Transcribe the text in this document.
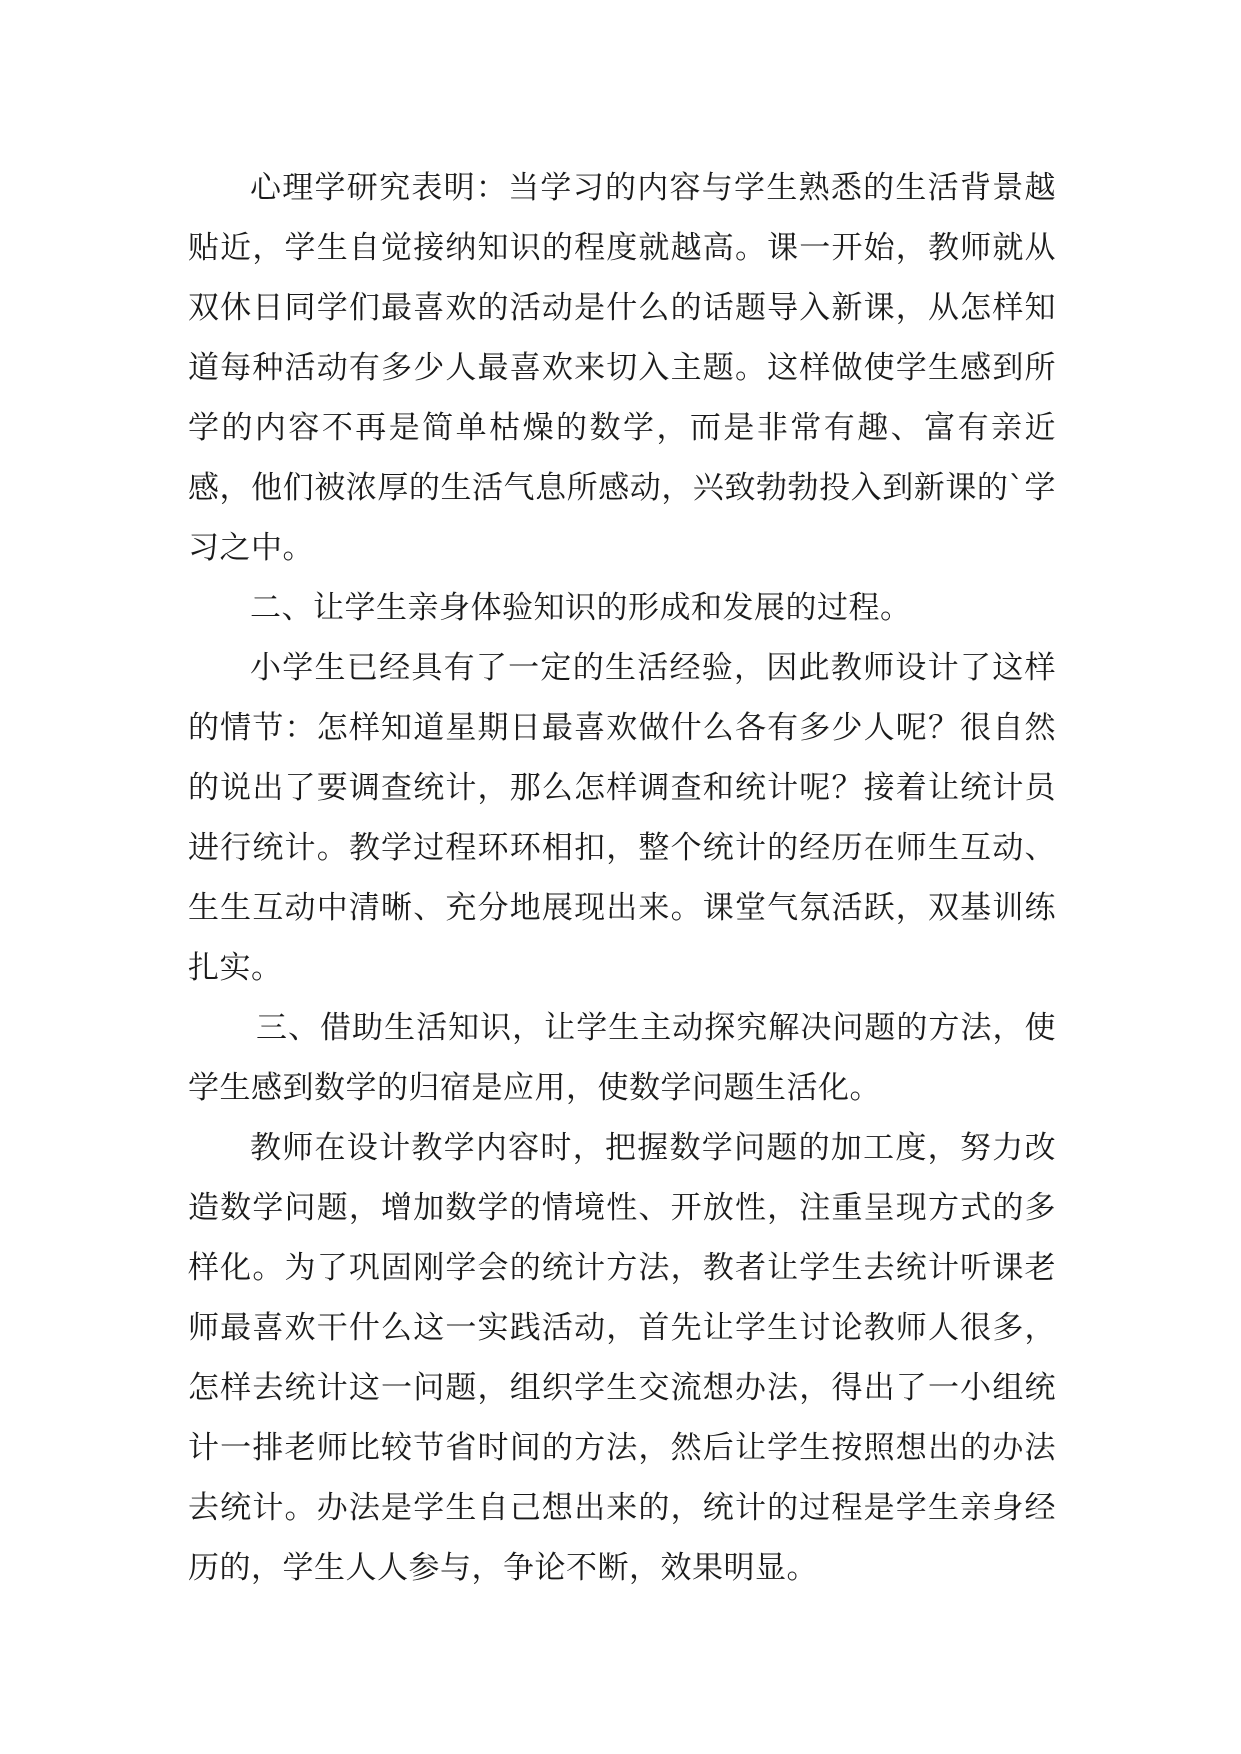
心理学研究表明：当学习的内容与学生熟悉的生活背景越贴近，学生自觉接纳知识的程度就越高。课一开始，教师就从双休日同学们最喜欢的活动是什么的话题导入新课，从怎样知道每种活动有多少人最喜欢来切入主题。这样做使学生感到所学的内容不再是简单枯燥的数学，而是非常有趣、富有亲近感，他们被浓厚的生活气息所感动，兴致勃勃投入到新课的`学习之中。

二、让学生亲身体验知识的形成和发展的过程。

小学生已经具有了一定的生活经验，因此教师设计了这样的情节：怎样知道星期日最喜欢做什么各有多少人呢？很自然的说出了要调查统计，那么怎样调查和统计呢？接着让统计员进行统计。教学过程环环相扣，整个统计的经历在师生互动、生生互动中清晰、充分地展现出来。课堂气氛活跃，双基训练扎实。

三、借助生活知识，让学生主动探究解决问题的方法，使学生感到数学的归宿是应用，使数学问题生活化。

教师在设计教学内容时，把握数学问题的加工度，努力改造数学问题，增加数学的情境性、开放性，注重呈现方式的多样化。为了巩固刚学会的统计方法，教者让学生去统计听课老师最喜欢干什么这一实践活动，首先让学生讨论教师人很多，怎样去统计这一问题，组织学生交流想办法，得出了一小组统计一排老师比较节省时间的方法，然后让学生按照想出的办法去统计。办法是学生自己想出来的，统计的过程是学生亲身经历的，学生人人参与，争论不断，效果明显。
